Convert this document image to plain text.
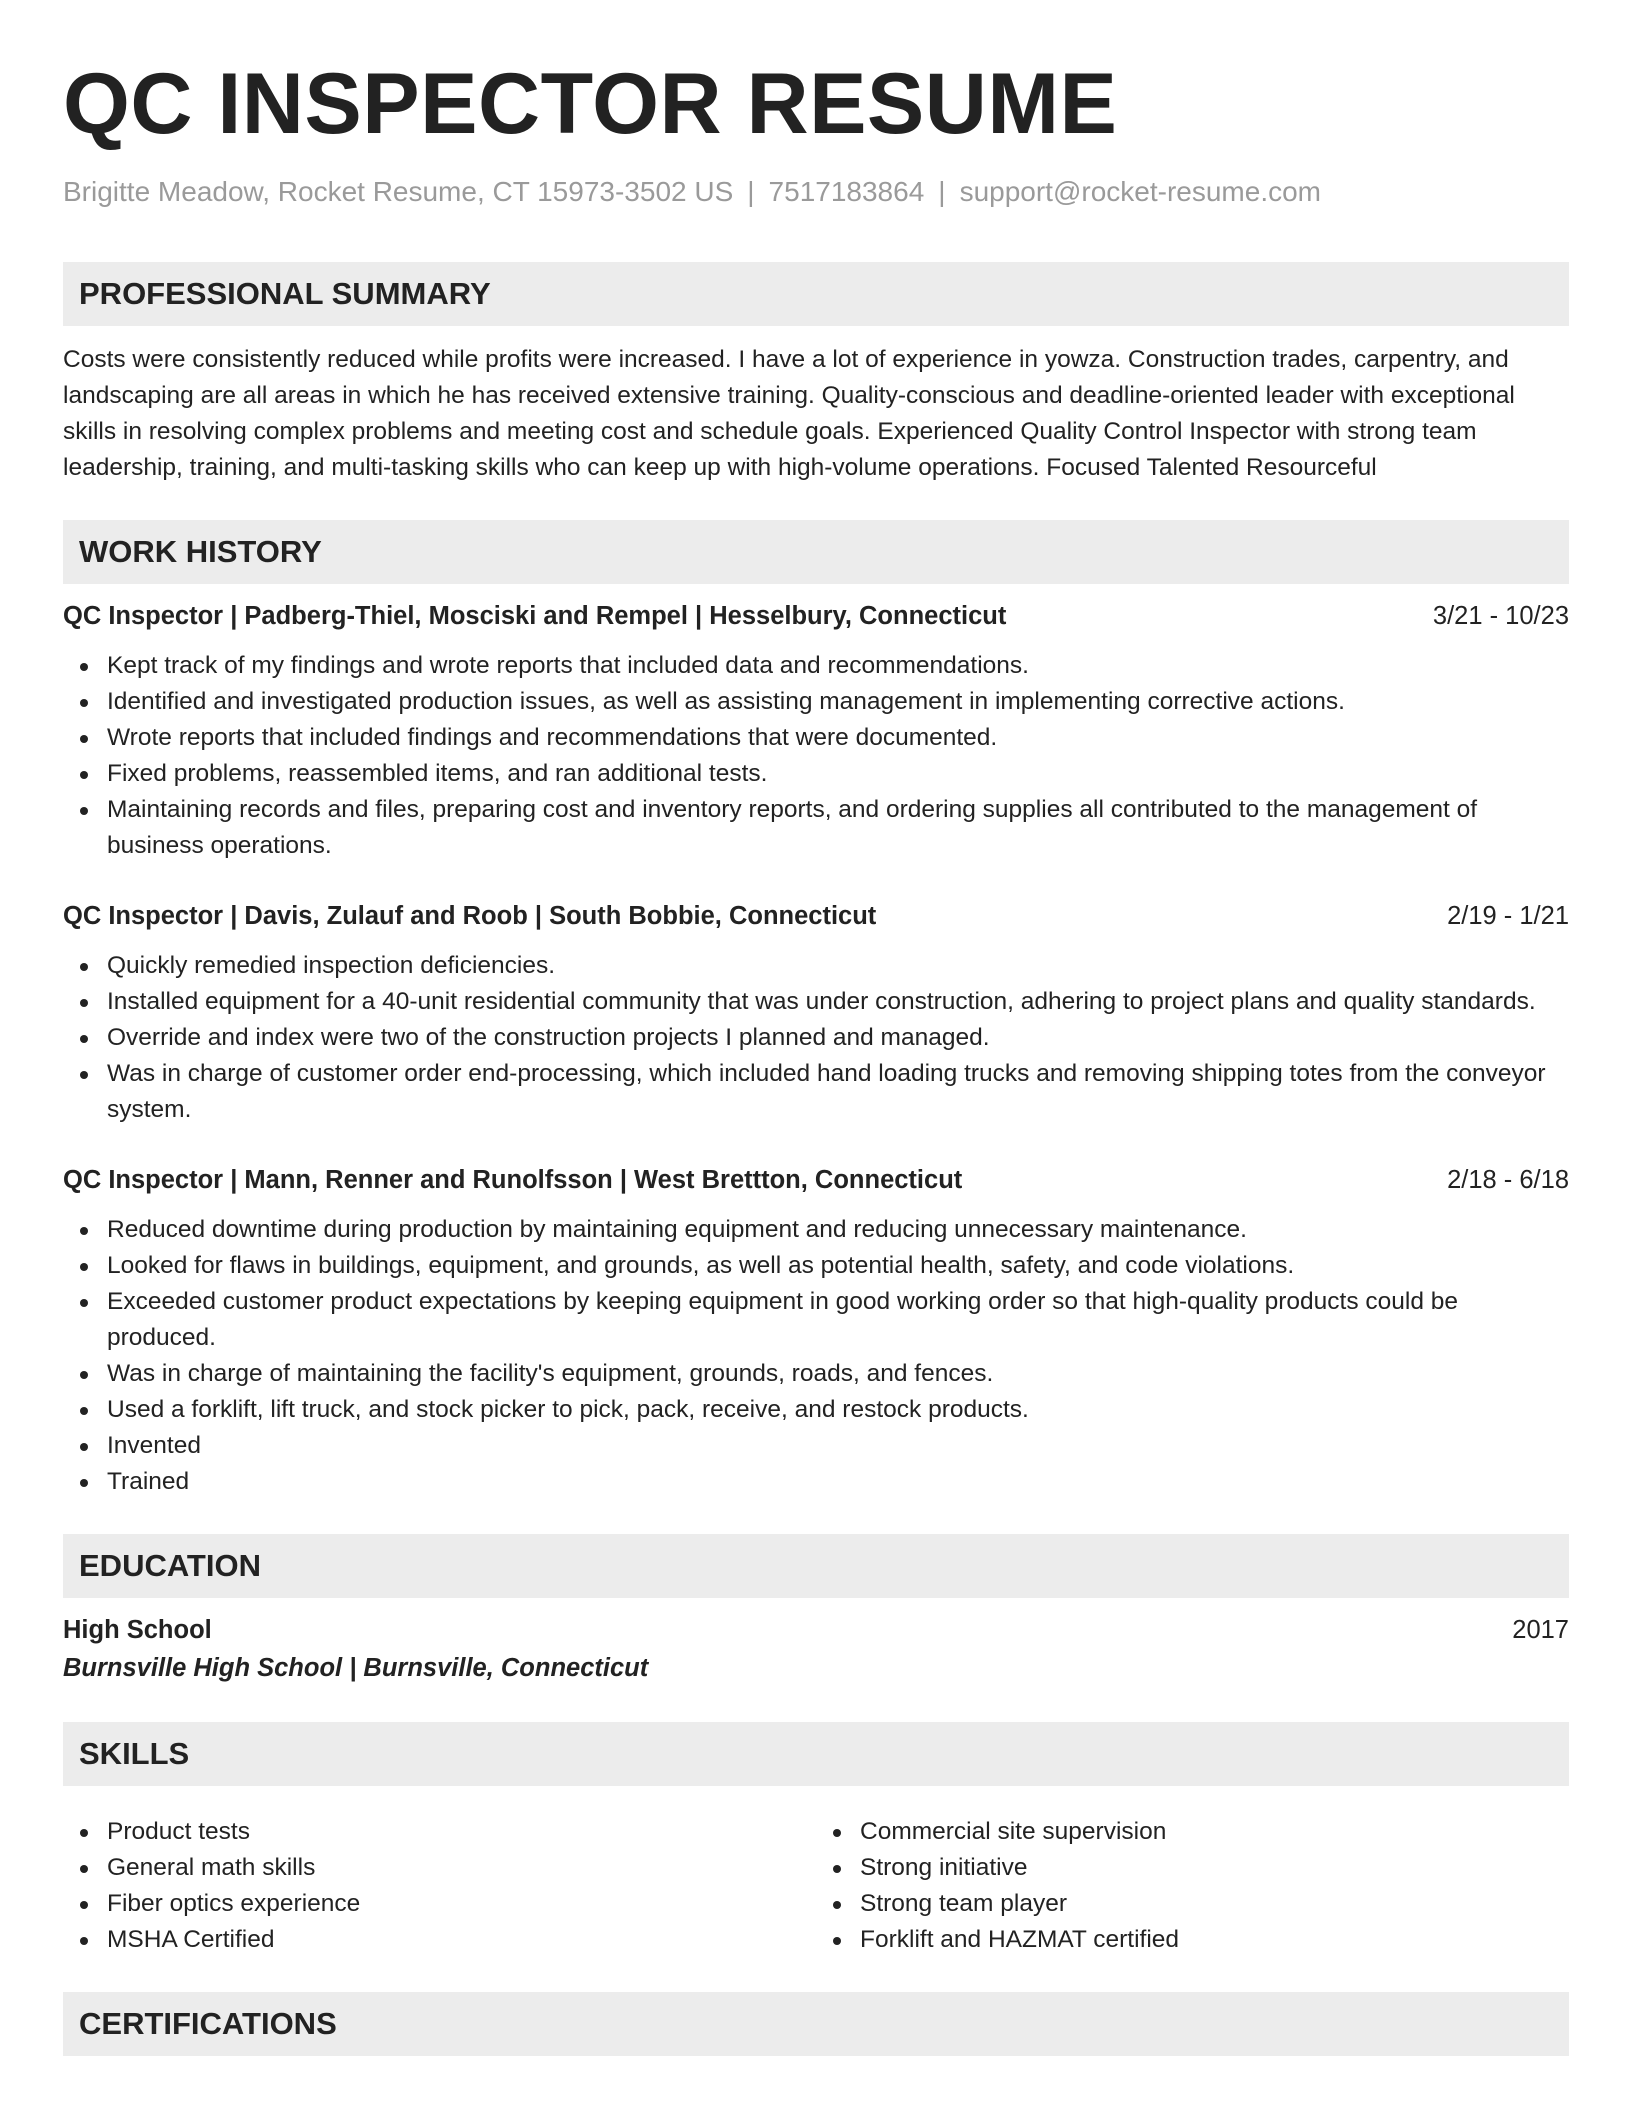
QC INSPECTOR RESUME
Brigitte Meadow, Rocket Resume, CT 15973-3502 US | 7517183864 | support@rocket-resume.com
PROFESSIONAL SUMMARY

Costs were consistently reduced while profits were increased. I have a lot of experience in yowza. Construction trades, carpentry, and landscaping are all areas in which he has received extensive training. Quality-conscious and deadline-oriented leader with exceptional skills in resolving complex problems and meeting cost and schedule goals. Experienced Quality Control Inspector with strong team leadership, training, and multi-tasking skills who can keep up with high-volume operations. Focused Talented Resourceful

WORK HISTORY
QC Inspector | Padberg-Thiel, Mosciski and Rempel | Hesselbury, Connecticut	3/21 - 10/23
Kept track of my findings and wrote reports that included data and recommendations.
Identified and investigated production issues, as well as assisting management in implementing corrective actions.
Wrote reports that included findings and recommendations that were documented.
Fixed problems, reassembled items, and ran additional tests.
Maintaining records and files, preparing cost and inventory reports, and ordering supplies all contributed to the management of business operations.
QC Inspector | Davis, Zulauf and Roob | South Bobbie, Connecticut	2/19 - 1/21
Quickly remedied inspection deficiencies.
Installed equipment for a 40-unit residential community that was under construction, adhering to project plans and quality standards.
Override and index were two of the construction projects I planned and managed.
Was in charge of customer order end-processing, which included hand loading trucks and removing shipping totes from the conveyor system.
QC Inspector | Mann, Renner and Runolfsson | West Brettton, Connecticut	2/18 - 6/18
Reduced downtime during production by maintaining equipment and reducing unnecessary maintenance.
Looked for flaws in buildings, equipment, and grounds, as well as potential health, safety, and code violations.
Exceeded customer product expectations by keeping equipment in good working order so that high-quality products could be produced.
Was in charge of maintaining the facility's equipment, grounds, roads, and fences.
Used a forklift, lift truck, and stock picker to pick, pack, receive, and restock products.
Invented
Trained
EDUCATION
High School	2017
Burnsville High School | Burnsville, Connecticut
SKILLS
Product tests
General math skills
Fiber optics experience
MSHA Certified
Commercial site supervision
Strong initiative
Strong team player
Forklift and HAZMAT certified
CERTIFICATIONS
